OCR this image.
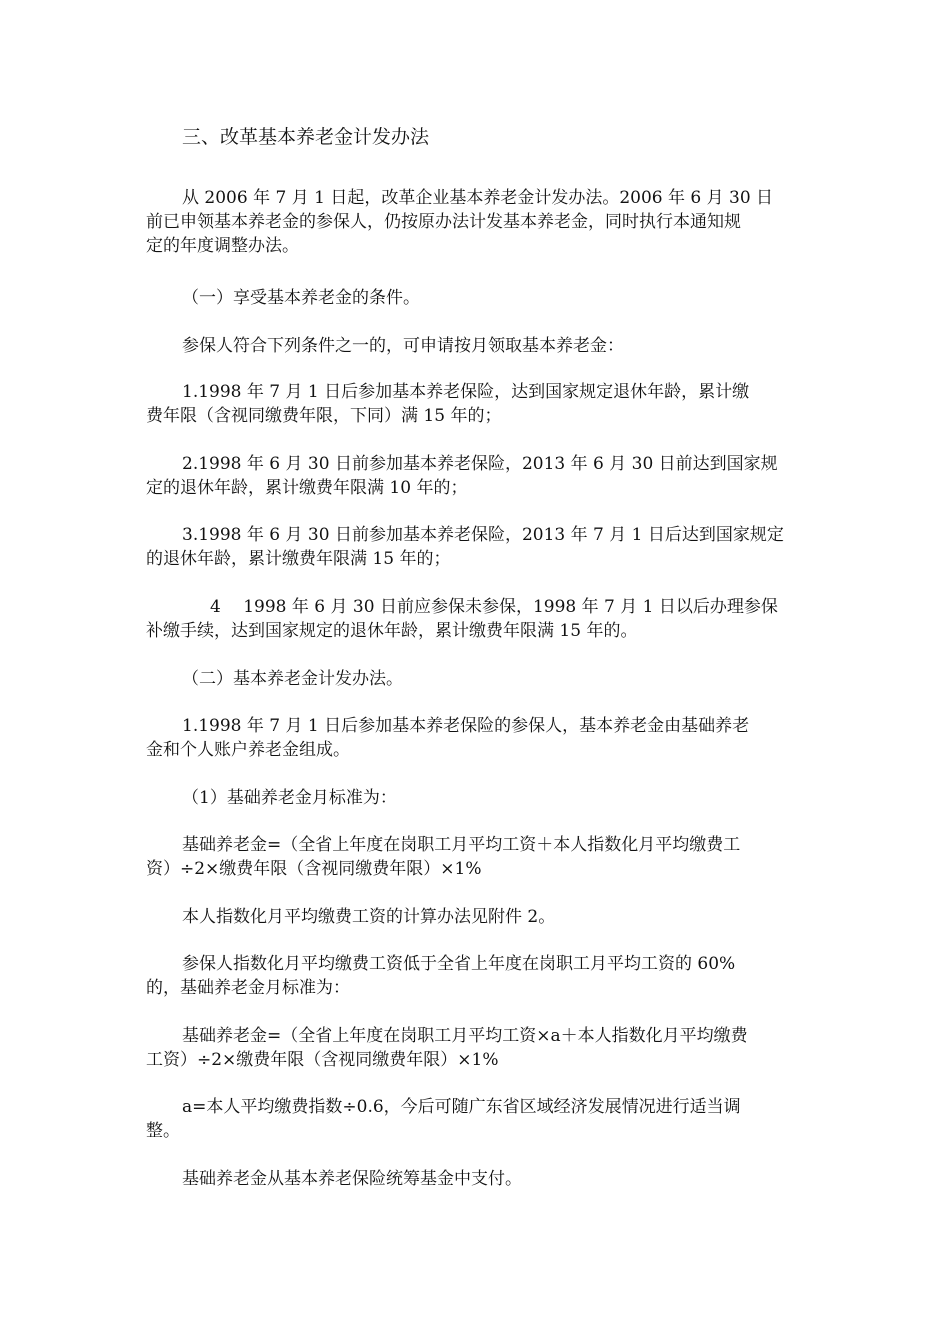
三、改革基本养老金计发办法
从 2006 年 7 月 1 日起，改革企业基本养老金计发办法。2006 年 6 月 30 日
前已申领基本养老金的参保人，仍按原办法计发基本养老金，同时执行本通知规
定的年度调整办法。
（一）享受基本养老金的条件。
参保人符合下列条件之一的，可申请按月领取基本养老金：
1.1998 年 7 月 1 日后参加基本养老保险，达到国家规定退休年龄，累计缴
费年限（含视同缴费年限，下同）满 15 年的；
2.1998 年 6 月 30 日前参加基本养老保险，2013 年 6 月 30 日前达到国家规
定的退休年龄，累计缴费年限满 10 年的；
3.1998 年 6 月 30 日前参加基本养老保险，2013 年 7 月 1 日后达到国家规定
的退休年龄，累计缴费年限满 15 年的；
4　 1998 年 6 月 30 日前应参保未参保，1998 年 7 月 1 日以后办理参保
补缴手续，达到国家规定的退休年龄，累计缴费年限满 15 年的。
（二）基本养老金计发办法。
1.1998 年 7 月 1 日后参加基本养老保险的参保人，基本养老金由基础养老
金和个人账户养老金组成。
（1）基础养老金月标准为：
基础养老金=（全省上年度在岗职工月平均工资＋本人指数化月平均缴费工
资）÷2×缴费年限（含视同缴费年限）×1%
本人指数化月平均缴费工资的计算办法见附件 2。
参保人指数化月平均缴费工资低于全省上年度在岗职工月平均工资的 60%
的，基础养老金月标准为：
基础养老金=（全省上年度在岗职工月平均工资×a＋本人指数化月平均缴费
工资）÷2×缴费年限（含视同缴费年限）×1%
a=本人平均缴费指数÷0.6，今后可随广东省区域经济发展情况进行适当调
整。
基础养老金从基本养老保险统筹基金中支付。
